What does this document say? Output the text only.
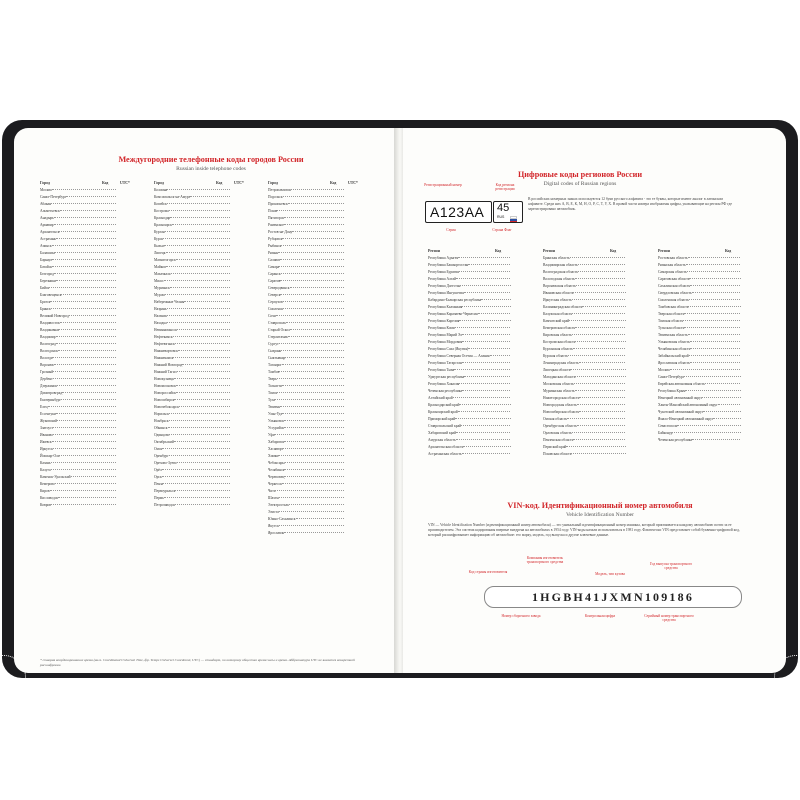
Междугородние телефонные коды городов России
Russian inside telephone codes
Город	Код	UTC*
Москва
Санкт-Петербург
Абакан
Альметьевск
Анадырь
Армавир
Архангельск
Астрахань
Ачинск
Балашиха
Барнаул
Батайск
Белгород
Березники
Бийск
Благовещенск
Братск
Брянск
Великий Новгород
Владивосток
Владикавказ
Владимир
Волгоград
Волгодонск
Вологда
Воронеж
Грозный
Дербент
Дзержинск
Димитровград
Екатеринбург
Елец
Ессентуки
Жуковский
Златоуст
Иваново
Ижевск
Иркутск
Йошкар-Ола
Казань
Калуга
Каменск-Уральский
Кемерово
Киров
Кисловодск
Ковров
Город	Код	UTC*
Коломна
Комсомольск-на-Амуре
Копейск
Кострома
Краснодар
Красноярск
Курган
Курск
Кызыл
Липецк
Магнитогорск
Майкоп
Махачкала
Миасс
Мурманск
Муром
Набережные Челны
Назрань
Нальчик
Находка
Невинномысск
Нефтекамск
Нефтеюганск
Нижневартовск
Нижнекамск
Нижний Новгород
Нижний Тагил
Новокузнецк
Новомосковск
Новороссийск
Новосибирск
Новочебоксарск
Норильск
Ноябрьск
Обнинск
Одинцово
Октябрьский
Омск
Оренбург
Орехово-Зуево
Орёл
Орск
Пенза
Первоуральск
Пермь
Петрозаводск
Город	Код	UTC*
Петропавловск
Подольск
Прокопьевск
Псков
Пятигорск
Раменское
Ростов-на-Дону
Рубцовск
Рыбинск
Рязань
Салават
Самара
Саранск
Саратов
Северодвинск
Северск
Серпухов
Смоленск
Сочи
Ставрополь
Старый Оскол
Стерлитамак
Сургут
Сызрань
Сыктывкар
Таганрог
Тамбов
Тверь
Тольятти
Томск
Тула
Тюмень
Улан-Удэ
Ульяновск
Уссурийск
Уфа
Хабаровск
Хасавюрт
Химки
Чебоксары
Челябинск
Череповец
Черкесск
Чита
Шахты
Электросталь
Элиста
Южно-Сахалинск
Якутск
Ярославль
* ставрая координированное время (англ. Coordinated Universal Time, фр. Temps Universel Coordonné, UTC) — стандарт, по которому общество время часы и время. Аббревиатура UTC не является конкретной расшифровки.
Цифровые коды регионов России
Digital codes of Russian regions
Регистрационный номер	Код региона регистрации
А123АА 45
RUS
Серия	Страна Флаг
В российских номерных знаках используются 12 букв русского алфавита - это те буквы, которые имеют аналог в латинском алфавите. Среди них А, В, Е, К, М, Н, О, Р, С, Т, У, Х. В правой части номера изображены цифры, указывающие на регион РФ где зарегистрировано автомобиль.
Регион	Код
Республика Адыгея
Республика Башкортостан
Республика Бурятия
Республика Алтай
Республика Дагестан
Республика Ингушетия
Кабардино-Балкарская республика
Республика Калмыкия
Республика Карачаево-Черкесия
Республика Карелия
Республика Коми
Республика Марий Эл
Республика Мордовия
Республика Саха (Якутия)
Республика Северная Осетия — Алания
Республика Татарстан
Республика Тыва
Удмуртская республика
Республика Хакасия
Чеченская республика
Алтайский край
Краснодарский край
Красноярский край
Приморский край
Ставропольский край
Хабаровский край
Амурская область
Архангельская область
Астраханская область
Регион	Код
Брянская область
Владимирская область
Волгоградская область
Вологодская область
Воронежская область
Ивановская область
Иркутская область
Калининградская область
Калужская область
Камчатский край
Кемеровская область
Кировская область
Костромская область
Курганская область
Курская область
Ленинградская область
Липецкая область
Магаданская область
Московская область
Мурманская область
Нижегородская область
Новгородская область
Новосибирская область
Омская область
Оренбургская область
Орловская область
Пензенская область
Пермский край
Псковская область
Регион	Код
Ростовская область
Рязанская область
Самарская область
Саратовская область
Сахалинская область
Свердловская область
Смоленская область
Тамбовская область
Тверская область
Томская область
Тульская область
Тюменская область
Ульяновская область
Челябинская область
Забайкальский край
Ярославская область
Москва
Санкт-Петербург
Еврейская автономная область
Республика Крым
Ненецкий автономный округ
Ханты-Мансийский автономный округ
Чукотский автономный округ
Ямало-Ненецкий автономный округ
Севастополь
Байконур
Чеченская республика
VIN-код. Идентификационный номер автомобиля
Vehicle Identification Number
VIN — Vehicle Identification Number (идентификационный номер автомобиля) — это уникальный идентификационный номер машины, который присваивается каждому автомобилю почти за ее производителем. Эта система кодирования впервые внедрена на автомобилях в 1954 году. VIN-коды начали использоваться в 1981 году. Фактически VIN представляет собой буквенно-цифровой код, который расшифровывает информацию об автомобиле: его марку, модель, год выпуска и другие ключевые данные.
Код страны изготовителя
Компания изготовитель транспортного средства
Модель, тип кузова
Год выпуска транспортного средства
1HGBH41JXMN109186
Номер сборочного завода	Контрольная цифра	Серийный номер транспортного средства
